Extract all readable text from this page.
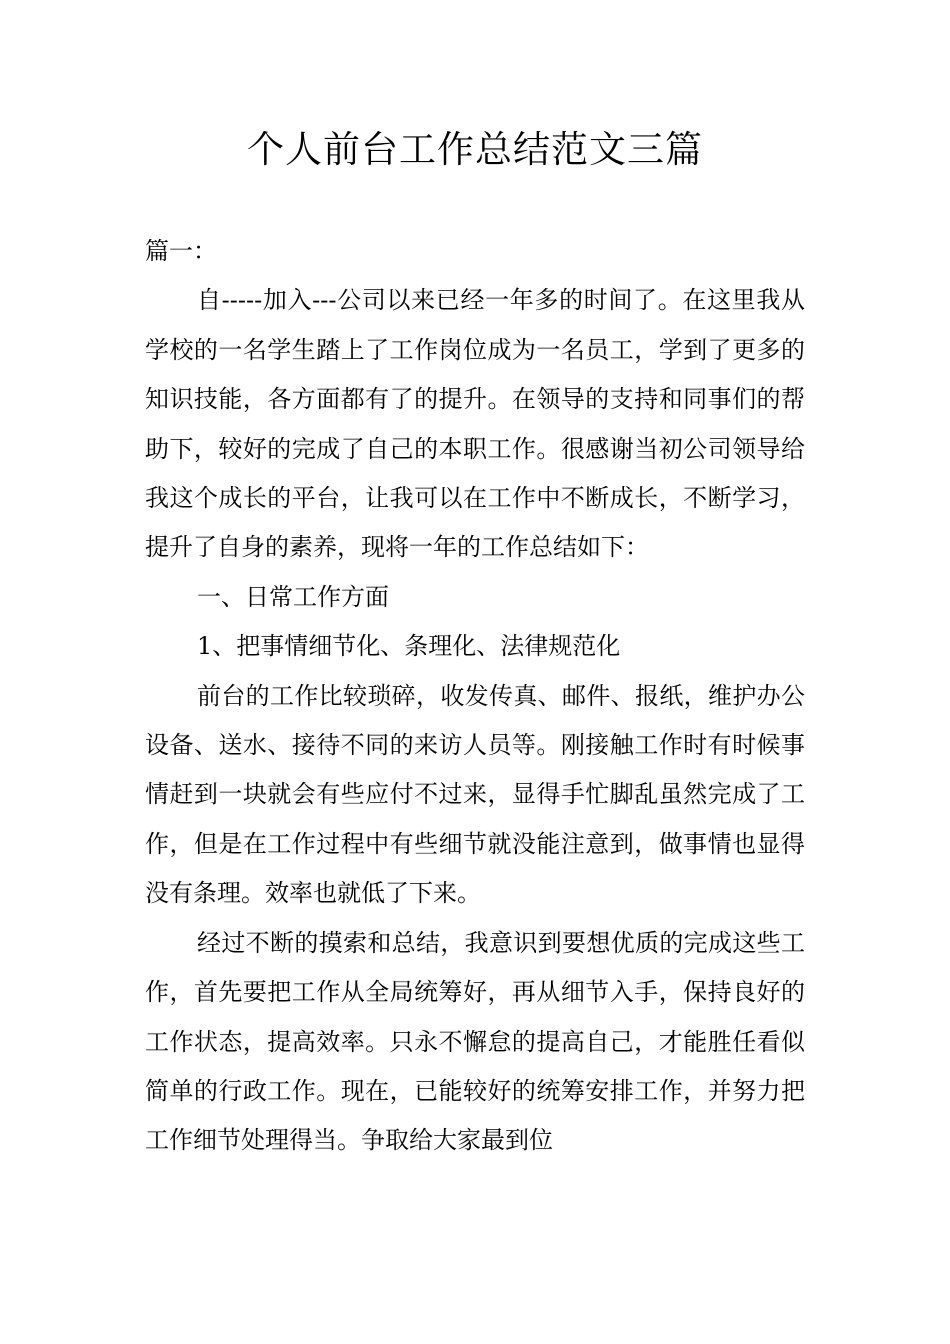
个人前台工作总结范文三篇

篇一：

自-----加入---公司以来已经一年多的时间了。在这里我从学校的一名学生踏上了工作岗位成为一名员工，学到了更多的知识技能，各方面都有了的提升。在领导的支持和同事们的帮助下，较好的完成了自己的本职工作。很感谢当初公司领导给我这个成长的平台，让我可以在工作中不断成长，不断学习，提升了自身的素养，现将一年的工作总结如下：

一、日常工作方面

1、把事情细节化、条理化、法律规范化

前台的工作比较琐碎，收发传真、邮件、报纸，维护办公设备、送水、接待不同的来访人员等。刚接触工作时有时候事情赶到一块就会有些应付不过来，显得手忙脚乱虽然完成了工作，但是在工作过程中有些细节就没能注意到，做事情也显得没有条理。效率也就低了下来。

经过不断的摸索和总结，我意识到要想优质的完成这些工作，首先要把工作从全局统筹好，再从细节入手，保持良好的工作状态，提高效率。只永不懈怠的提高自己，才能胜任看似简单的行政工作。现在，已能较好的统筹安排工作，并努力把工作细节处理得当。争取给大家最到位
